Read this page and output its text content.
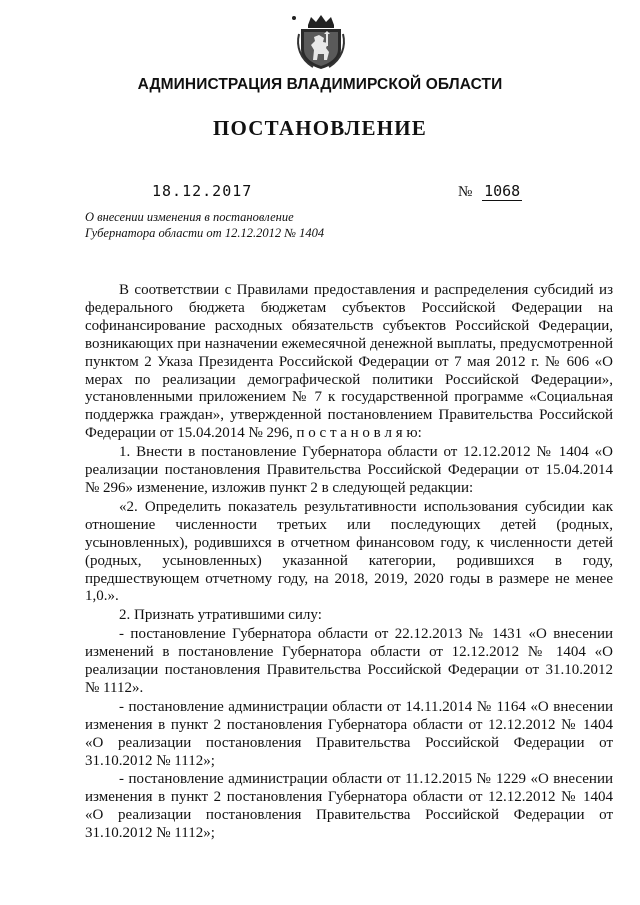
АДМИНИСТРАЦИЯ ВЛАДИМИРСКОЙ ОБЛАСТИ
ПОСТАНОВЛЕНИЕ
18.12.2017	№ 1068
О внесении изменения в постановление
Губернатора области от 12.12.2012 № 1404

В соответствии с Правилами предоставления и распределения субсидий из федерального бюджета бюджетам субъектов Российской Федерации на софинансирование расходных обязательств субъектов Российской Федерации, возникающих при назначении ежемесячной денежной выплаты, предусмотренной пунктом 2 Указа Президента Российской Федерации от 7 мая 2012 г. № 606 «О мерах по реализации демографической политики Российской Федерации», установленными приложением № 7 к государственной программе «Социальная поддержка граждан», утвержденной постановлением Правительства Российской Федерации от 15.04.2014 № 296, п о с т а н о в л я ю:

1. Внести в постановление Губернатора области от 12.12.2012 № 1404 «О реализации постановления Правительства Российской Федерации от 15.04.2014 № 296» изменение, изложив пункт 2 в следующей редакции:

«2. Определить показатель результативности использования субсидии как отношение численности третьих или последующих детей (родных, усыновленных), родившихся в отчетном финансовом году, к численности детей (родных, усыновленных) указанной категории, родившихся в году, предшествующем отчетному году, на 2018, 2019, 2020 годы в размере не менее 1,0.».

2. Признать утратившими силу:

- постановление Губернатора области от 22.12.2013 № 1431 «О внесении изменений в постановление Губернатора области от 12.12.2012 № 1404 «О реализации постановления Правительства Российской Федерации от 31.10.2012 № 1112».

- постановление администрации области от 14.11.2014 № 1164 «О внесении изменения в пункт 2 постановления Губернатора области от 12.12.2012 № 1404 «О реализации постановления Правительства Российской Федерации от 31.10.2012 № 1112»;

- постановление администрации области от 11.12.2015 № 1229 «О внесении изменения в пункт 2 постановления Губернатора области от 12.12.2012 № 1404 «О реализации постановления Правительства Российской Федерации от 31.10.2012 № 1112»;
